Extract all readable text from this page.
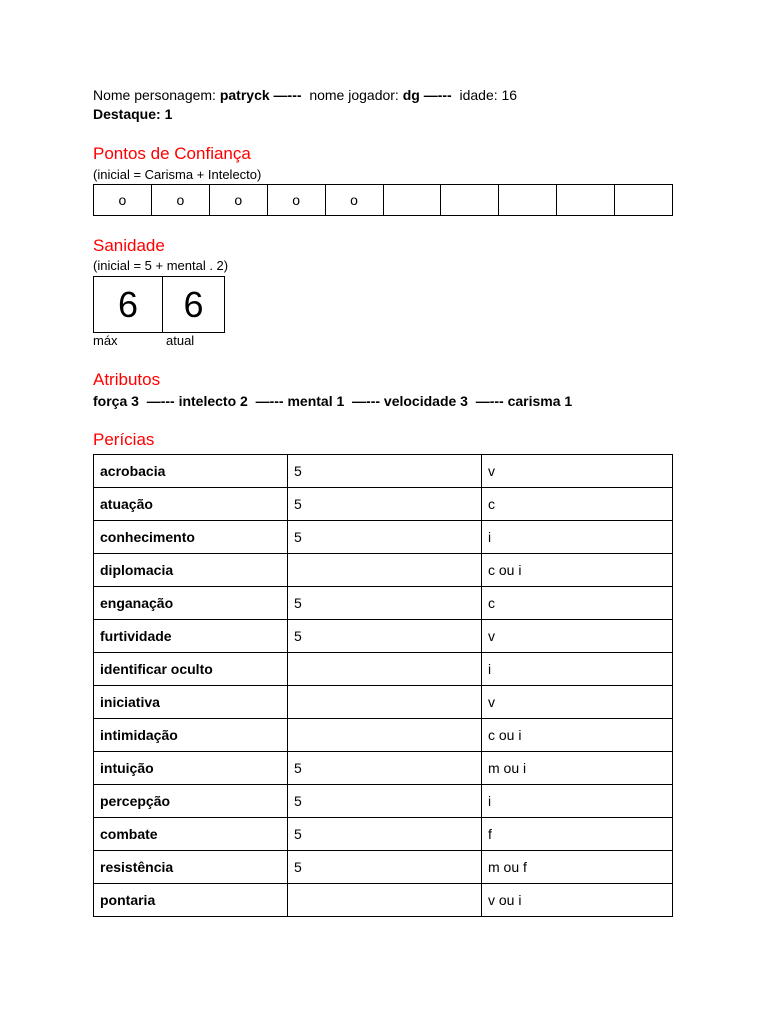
Nome personagem: patryck —---  nome jogador: dg —---  idade: 16
Destaque: 1
Pontos de Confiança
(inicial = Carisma + Intelecto)
o	o	o	o	o
Sanidade
(inicial = 5 + mental . 2)
6	6
máx	atual
Atributos
força 3  —--- intelecto 2  —--- mental 1  —--- velocidade 3  —--- carisma 1
Perícias
acrobacia	5	v
atuação	5	c
conhecimento	5	i
diplomacia		c ou i
enganação	5	c
furtividade	5	v
identificar oculto		i
iniciativa		v
intimidação		c ou i
intuição	5	m ou i
percepção	5	i
combate	5	f
resistência	5	m ou f
pontaria		v ou i
